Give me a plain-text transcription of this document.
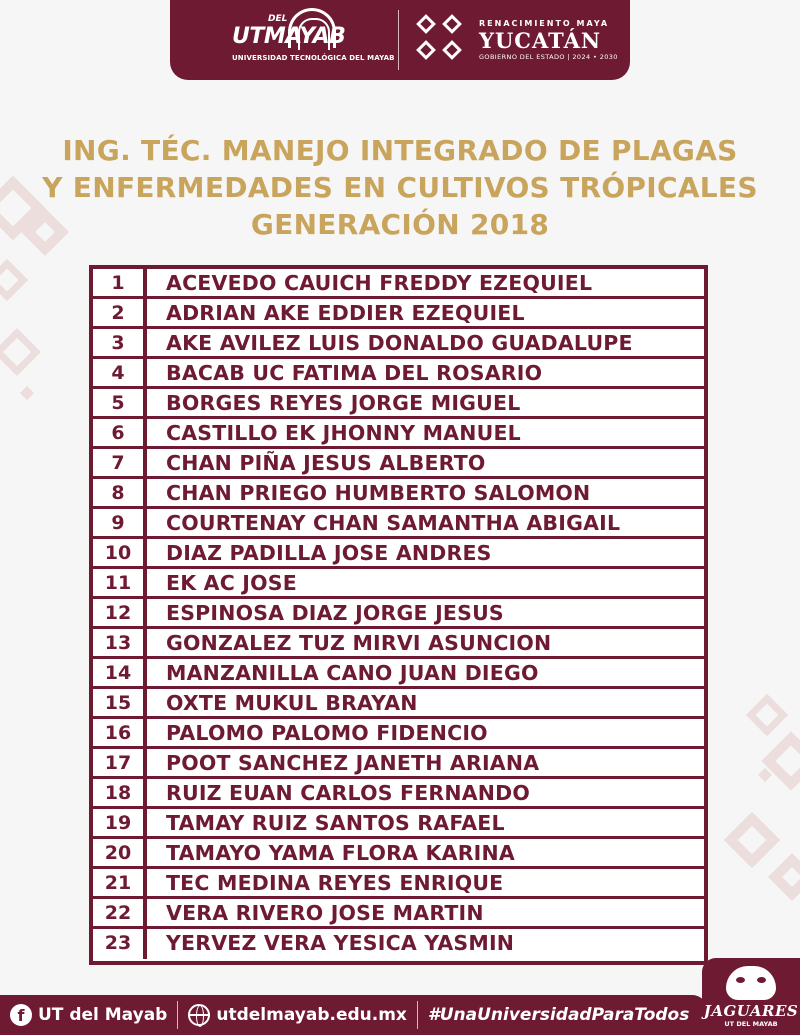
DEL
UTMAYAB
UNIVERSIDAD TECNOLÓGICA DEL MAYAB
RENACIMIENTO MAYA
YUCATÁN
GOBIERNO DEL ESTADO | 2024 • 2030
ING. TÉC. MANEJO INTEGRADO DE PLAGAS
Y ENFERMEDADES EN CULTIVOS TRÓPICALES
GENERACIÓN 2018
1	ACEVEDO CAUICH FREDDY EZEQUIEL
2	ADRIAN AKE EDDIER EZEQUIEL
3	AKE AVILEZ LUIS DONALDO GUADALUPE
4	BACAB UC FATIMA DEL ROSARIO
5	BORGES REYES JORGE MIGUEL
6	CASTILLO EK JHONNY MANUEL
7	CHAN PIÑA JESUS ALBERTO
8	CHAN PRIEGO HUMBERTO SALOMON
9	COURTENAY CHAN SAMANTHA ABIGAIL
10	DIAZ PADILLA JOSE ANDRES
11	EK AC JOSE
12	ESPINOSA DIAZ JORGE JESUS
13	GONZALEZ TUZ MIRVI ASUNCION
14	MANZANILLA CANO JUAN DIEGO
15	OXTE MUKUL BRAYAN
16	PALOMO PALOMO FIDENCIO
17	POOT SANCHEZ JANETH ARIANA
18	RUIZ EUAN CARLOS FERNANDO
19	TAMAY RUIZ SANTOS RAFAEL
20	TAMAYO YAMA FLORA KARINA
21	TEC MEDINA REYES ENRIQUE
22	VERA RIVERO JOSE MARTIN
23	YERVEZ VERA YESICA YASMIN
f UT del Mayab	utdelmayab.edu.mx	#UnaUniversidadParaTodos JAGUARES
UT DEL MAYAB
